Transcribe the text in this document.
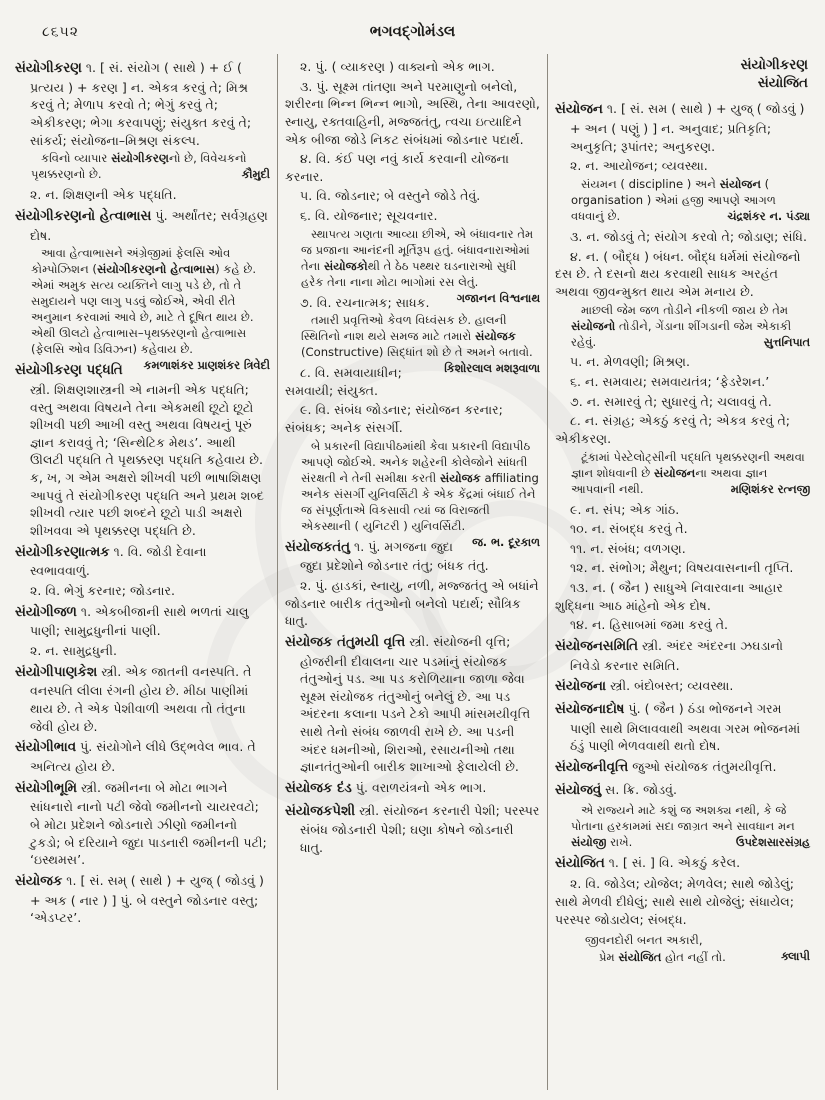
૮૬૫૨	ભગવદ્ગોમંડલ

સંયોગીકરણ ૧. [ સં. સંયોગ ( સાથે ) + ઈ ( પ્રત્યય ) + કરણ ] ન. એકત્ર કરવું તે; મિશ્ર કરવું તે; મેળાપ કરવો તે; ભેગું કરવું તે; એકીકરણ; ભેગા કરવાપણું; સંયુક્ત કરવું તે; સાંકર્ય; સંયોજના–મિશ્રણ સંકલ્પ.

કવિનો વ્યાપાર સંયોગીકરણનો છે, વિવેચકનો પૃથક્કરણનો છે.	કૌમુદી

૨. ન. શિક્ષણની એક પદ્ધતિ.

સંયોગીકરણનો હેત્વાભાસ પું. અર્થાંતર; સર્વગ્રહણ દોષ.

આવા હેત્વાભાસને અંગ્રેજીમાં ફેલસિ ઓવ કોમ્પોઝિશન (સંયોગીકરણનો હેત્વાભાસ) કહે છે. એમાં અમુક સત્ય વ્યક્તિને લાગુ પડે છે, તો તે સમુદાયને પણ લાગુ પડવું જોઈએ, એવી રીતે અનુમાન કરવામાં આવે છે, માટે તે દૂષિત થાય છે. એથી ઊલટો હેત્વાભાસ–પૃથક્કરણનો હેત્વાભાસ (ફેલસિ ઓવ ડિવિઝન) કહેવાય છે.
કમળાશંકર પ્રાણશંકર ત્રિવેદી

સંયોગીકરણ પદ્ધતિ સ્ત્રી. શિક્ષણશાસ્ત્રની એ નામની એક પદ્ધતિ; વસ્તુ અથવા વિષયને તેના એકમથી છૂટો છૂટો શીખવી પછી આખી વસ્તુ અથવા વિષયનું પૂરું જ્ઞાન કરાવવું તે; ‘સિન્થેટિક મેથડ’. આથી ઊલટી પદ્ધતિ તે પૃથક્કરણ પદ્ધતિ કહેવાય છે. ક, ખ, ગ એમ અક્ષરો શીખવી પછી ભાષાશિક્ષણ આપવું તે સંયોગીકરણ પદ્ધતિ અને પ્રથમ શબ્દ શીખવી ત્યાર પછી શબ્દને છૂટો પાડી અક્ષરો શીખવવા એ પૃથક્કરણ પદ્ધતિ છે.

સંયોગીકરણાત્મક ૧. વિ. જોડી દેવાના સ્વભાવવાળું.

૨. વિ. ભેગું કરનાર; જોડનાર.

સંયોગીજળ ૧. એકબીજાની સાથે ભળતાં ચાલુ પાણી; સામુદ્રધુનીનાં પાણી.

૨. ન. સામુદ્રધુની.

સંયોગીપાણકેશ સ્ત્રી. એક જાતની વનસ્પતિ. તે વનસ્પતિ લીલા રંગની હોય છે. મીઠા પાણીમાં થાય છે. તે એક પેશીવાળી અથવા તો તંતુના જેવી હોય છે.

સંયોગીભાવ પું. સંયોગોને લીધે ઉદ્ભવેલ ભાવ. તે અનિત્ય હોય છે.

સંયોગીભૂમિ સ્ત્રી. જમીનના બે મોટા ભાગને સાંધનારો નાનો પટી જેવો જમીનનો ચાયરવટો; બે મોટા પ્રદેશને જોડનારો ઝીણો જમીનનો ટુકડો; બે દરિયાને જુદા પાડનારી જમીનની પટી; ‘ઇસ્થમસ’.

સંયોજક ૧. [ સં. સમ્ ( સાથે ) + યુજ્ ( જોડવું ) + અક ( નાર ) ] પું. બે વસ્તુને જોડનાર વસ્તુ; ‘એડપ્ટર’.

૨. પું. ( વ્યાકરણ ) વાક્યનો એક ભાગ.

૩. પું. સૂક્ષ્મ તાંતણા અને પરમાણુનો બનેલો, શરીરના ભિન્ન ભિન્ન ભાગો, અસ્થિ, તેના આવરણો, સ્નાયુ, રક્તવાહિની, મજ્જતંતુ, ત્વચા ઇત્યાદિને એક બીજા જોડે નિકટ સંબંધમાં જોડનાર પદાર્થ.

૪. વિ. કંઈ પણ નવું કાર્ય કરવાની યોજના કરનાર.

૫. વિ. જોડનાર; બે વસ્તુને જોડે તેવું.

૬. વિ. યોજનાર; સૂચવનાર.

સ્થાપત્ય ગણતા આવ્યા છીએ, એ બંધાવનાર તેમ જ પ્રજાના આનંદની મૂર્તિરૂપ હતું. બંધાવનારાઓમાં તેના સંયોજકોથી તે ઠેઠ પથ્થર ઘડનારાઓ સુધી હરેક તેના નાના મોટા ભાગોમાં રસ લેતું.
ગજાનન વિશ્વનાથ

૭. વિ. રચનાત્મક; સાધક.

તમારી પ્રવૃત્તિઓ કેવળ વિધ્વંસક છે. હાલની સ્થિતિનો નાશ થયે સમજ માટે તમારો સંયોજક (Constructive) સિદ્ધાંત શો છે તે અમને બતાવો.
કિશોરલાલ મશરૂવાળા

૮. વિ. સમવાયાધીન; સમવાયી; સંયુક્ત.

૯. વિ. સંબંધ જોડનાર; સંયોજન કરનાર; સંબંધક; અનેક સંસર્ગી.

બે પ્રકારની વિદ્યાપીઠમાંથી કેવા પ્રકારની વિદ્યાપીઠ આપણે જોઈએ. અનેક શહેરની કોલેજોને સાંધતી સંરક્ષતી ને તેની સમીક્ષા કરતી સંયોજક affiliating અનેક સંસર્ગી યુનિવર્સિટી કે એક કેંદ્રમાં બંધાઈ તેને જ સંપૂર્ણતાએ વિકસાવી ત્યાં જ વિરાજતી એકસ્થાની ( યુનિટરી ) યુનિવર્સિટી.
જ. ભ. દૂરકાળ

સંયોજકતંતુ ૧. પું. મગજના જુદા જુદા પ્રદેશોને જોડનાર તંતુ; બંધક તંતુ.

૨. પું. હાડકાં, સ્નાયુ, નળી, મજ્જતંતુ એ બધાંને જોડનાર બારીક તંતુઓનો બનેલો પદાર્થ; સૌત્રિક ધાતુ.

સંયોજક તંતુમયી વૃત્તિ સ્ત્રી. સંયોજની વૃત્તિ; હોજરીની દીવાલના ચાર પડમાંનું સંયોજક તંતુઓનું પડ. આ પડ કરોળિયાના જાળા જેવા સૂક્ષ્મ સંયોજક તંતુઓનું બનેલું છે. આ પડ અંદરના કલાના પડને ટેકો આપી માંસમયીવૃત્તિ સાથે તેનો સંબંધ જાળવી રાખે છે. આ પડની અંદર ધમનીઓ, શિરાઓ, રસાયનીઓ તથા જ્ઞાનતંતુઓની બારીક શાખાઓ ફેલાયેલી છે.

સંયોજક દંડ પું. વરાળયંત્રનો એક ભાગ.

સંયોજકપેશી સ્ત્રી. સંયોજન કરનારી પેશી; પરસ્પર સંબંધ જોડનારી પેશી; ઘણા કોષને જોડનારી ધાતુ.

સંયોગીકરણ
સંયોજિત

સંયોજન ૧. [ સં. સમ ( સાથે ) + યુજ્ ( જોડવું ) + અન ( પણું ) ] ન. અનુવાદ; પ્રતિકૃતિ; અનુકૃતિ; રૂપાંતર; અનુકરણ.

૨. ન. આયોજન; વ્યવસ્થા.

સંયમન ( discipline ) અને સંયોજન ( organisation ) એમાં હજી આપણે આગળ વધવાનું છે.	ચંદ્રશંકર ન. પંડ્યા

૩. ન. જોડવું તે; સંયોગ કરવો તે; જોડાણ; સંધિ.

૪. ન. ( બૌદ્ધ ) બંધન. બૌદ્ધ ધર્મમાં સંયોજનો દસ છે. તે દસનો ક્ષય કરવાથી સાધક અરહંત અથવા જીવન્મુક્ત થાય એમ મનાય છે.

માછલી જેમ જળ તોડીને નીકળી જાય છે તેમ સંયોજનો તોડીને, ગેંડાના શીંગડાની જેમ એકાકી રહેવું.	સુત્તનિપાત

૫. ન. મેળવણી; મિશ્રણ.

૬. ન. સમવાય; સમવાયતંત્ર; ‘ફેડરેશન.’

૭. ન. સમારવું તે; સુધારવું તે; ચલાવવું તે.

૮. ન. સંગ્રહ; એકઠું કરવું તે; એકત્ર કરવું તે; એકીકરણ.

ટૂંકામાં પેસ્ટેલોટ્સીની પદ્ધતિ પૃથક્કરણની અથવા જ્ઞાન શોધવાની છે સંયોજનના અથવા જ્ઞાન આપવાની નથી.	મણિશંકર રત્નજી

૯. ન. સંપ; એક ગાંઠ.

૧૦. ન. સંબદ્ધ કરવું તે.

૧૧. ન. સંબંધ; વળગણ.

૧૨. ન. સંભોગ; મૈથુન; વિષયવાસનાની તૃપ્તિ.

૧૩. ન. ( જૈન ) સાધુએ નિવારવાના આહાર શુદ્ધિના આઠ માંહેનો એક દોષ.

૧૪. ન. હિસાબમાં જમા કરવું તે.

સંયોજનસમિતિ સ્ત્રી. અંદર અંદરના ઝઘડાનો નિવેડો કરનાર સમિતિ.

સંયોજના સ્ત્રી. બંદોબસ્ત; વ્યવસ્થા.

સંયોજનાદોષ પું. ( જૈન ) ઠંડા ભોજનને ગરમ પાણી સાથે મિલાવવાથી અથવા ગરમ ભોજનમાં ઠંડું પાણી ભેળવવાથી થતો દોષ.

સંયોજનીવૃત્તિ જુઓ સંયોજક તંતુમયીવૃત્તિ.

સંયોજવું સ. ક્રિ. જોડવું.

એ રાજ્યને માટે કશું જ અશક્ય નથી, કે જે પોતાના હરકામમાં સદા જાગ્રત અને સાવધાન મન સંયોજી રાખે.	ઉપદેશસારસંગ્રહ

સંયોજિત ૧. [ સં. ] વિ. એકઠું કરેલ.

૨. વિ. જોડેલ; યોજેલ; મેળવેલ; સાથે જોડેલું; સાથે મેળવી દીધેલું; સાથે સાથે યોજેલું; સંધાયેલ; પરસ્પર જોડાયેલ; સંબદ્ધ.

જીવનદોરી બનત અકારી,
પ્રેમ સંયોજિત હોત નહીં તો.	ક્લાપી
